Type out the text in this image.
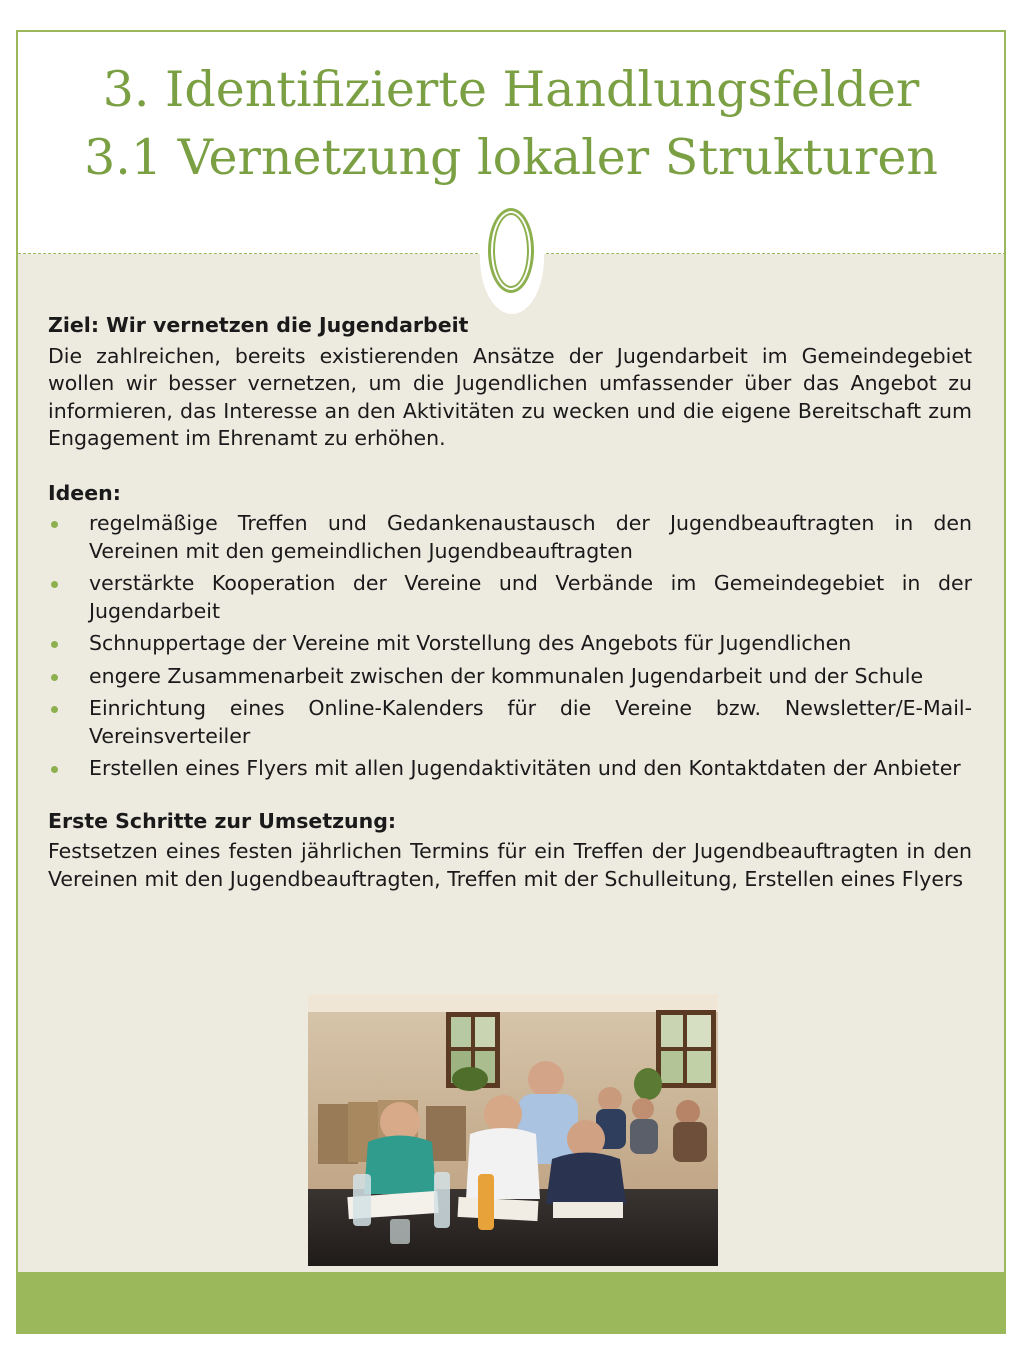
3. Identifizierte Handlungsfelder
3.1 Vernetzung lokaler Strukturen

Ziel: Wir vernetzen die Jugendarbeit

Die zahlreichen, bereits existierenden Ansätze der Jugendarbeit im Gemeindegebiet wollen wir besser vernetzen, um die Jugendlichen umfassender über das Angebot zu informieren, das Interesse an den Aktivitäten zu wecken und die eigene Bereitschaft zum Engagement im Ehrenamt zu erhöhen.

Ideen:

regelmäßige Treffen und Gedankenaustausch der Jugendbeauftragten in den Vereinen mit den gemeindlichen Jugendbeauftragten
verstärkte Kooperation der Vereine und Verbände im Gemeindegebiet in der Jugendarbeit
Schnuppertage der Vereine mit Vorstellung des Angebots für Jugendlichen
engere Zusammenarbeit zwischen der kommunalen Jugendarbeit und der Schule
Einrichtung eines Online-Kalenders für die Vereine bzw. Newsletter/E-Mail-Vereinsverteiler
Erstellen eines Flyers mit allen Jugendaktivitäten und den Kontaktdaten der Anbieter

Erste Schritte zur Umsetzung:

Festsetzen eines festen jährlichen Termins für ein Treffen der Jugendbeauftragten in den Vereinen mit den Jugendbeauftragten, Treffen mit der Schulleitung, Erstellen eines Flyers
